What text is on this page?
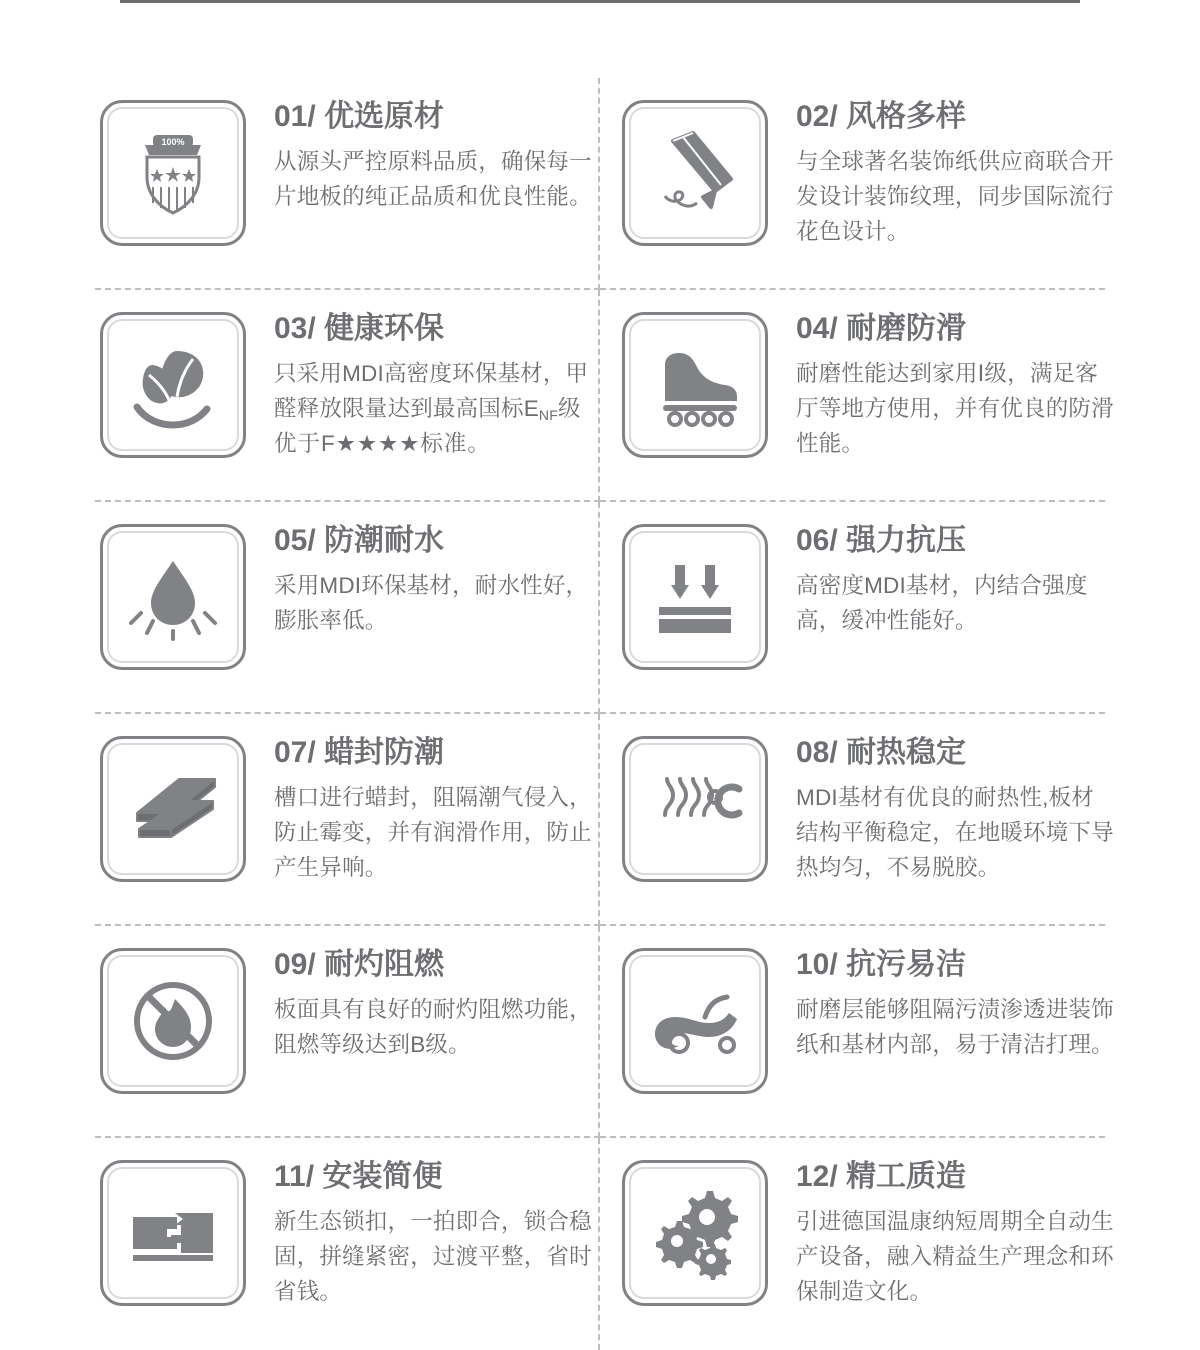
100%
01/ 优选原材
从源头严控原料品质，确保每一片地板的纯正品质和优良性能。
02/ 风格多样
与全球著名装饰纸供应商联合开发设计装饰纹理，同步国际流行花色设计。
03/ 健康环保
只采用MDI高密度环保基材，甲醛释放限量达到最高国标$E_{NF}$级优于F★★★★标准。
04/ 耐磨防滑
耐磨性能达到家用Ⅰ级，满足客厅等地方使用，并有优良的防滑性能。
05/ 防潮耐水
采用MDI环保基材，耐水性好，膨胀率低。
06/ 强力抗压
高密度MDI基材，内结合强度高，缓冲性能好。
07/ 蜡封防潮
槽口进行蜡封，阻隔潮气侵入，防止霉变，并有润滑作用，防止产生异响。
08/ 耐热稳定
MDI基材有优良的耐热性,板材结构平衡稳定，在地暖环境下导热均匀，不易脱胶。
09/ 耐灼阻燃
板面具有良好的耐灼阻燃功能，阻燃等级达到B级。
10/ 抗污易洁
耐磨层能够阻隔污渍渗透进装饰纸和基材内部，易于清洁打理。
11/ 安装简便
新生态锁扣，一拍即合，锁合稳固，拼缝紧密，过渡平整，省时省钱。
12/ 精工质造
引进德国温康纳短周期全自动生产设备，融入精益生产理念和环保制造文化。
